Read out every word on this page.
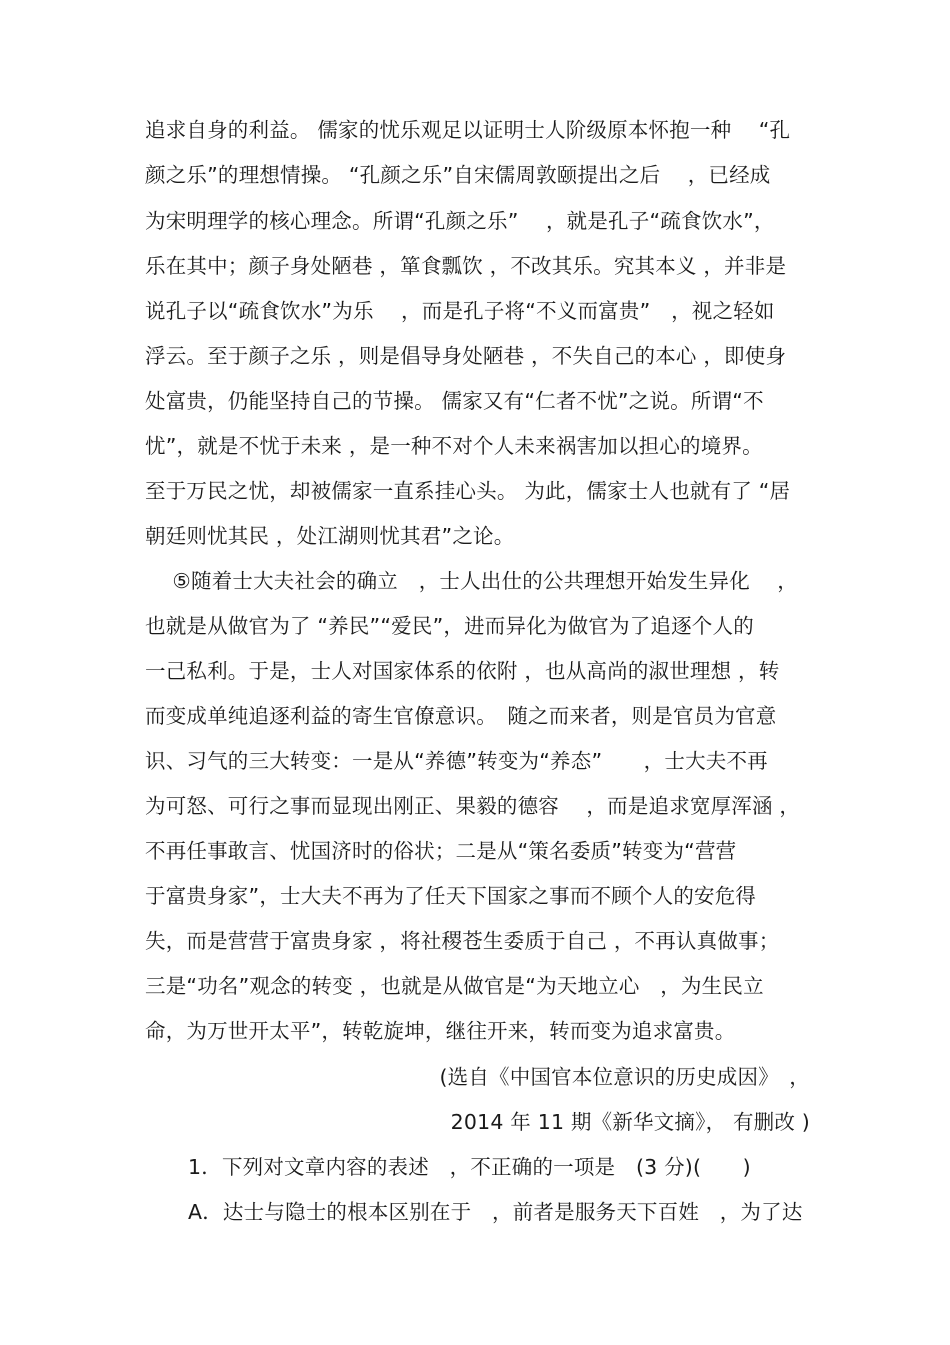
追求自身的利益。 儒家的忧乐观足以证明士人阶级原本怀抱一种　 “孔
颜之乐”的理想情操。 “孔颜之乐”自宋儒周敦颐提出之后　 ，已经成
为宋明理学的核心理念。所谓“孔颜之乐”　 ，就是孔子“疏食饮水”，
乐在其中；颜子身处陋巷 ，箪食瓢饮 ，不改其乐。究其本义 ，并非是
说孔子以“疏食饮水”为乐　 ，而是孔子将“不义而富贵”　，视之轻如
浮云。至于颜子之乐 ，则是倡导身处陋巷 ，不失自己的本心 ，即使身
处富贵，仍能坚持自己的节操。 儒家又有“仁者不忧”之说。所谓“不
忧”，就是不忧于未来 ，是一种不对个人未来祸害加以担心的境界。
至于万民之忧，却被儒家一直系挂心头。 为此，儒家士人也就有了 “居
朝廷则忧其民 ，处江湖则忧其君”之论。
　 ⑤随着士大夫社会的确立　，士人出仕的公共理想开始发生异化　 ，
也就是从做官为了 “养民”“爱民”，进而异化为做官为了追逐个人的
一己私利。于是，士人对国家体系的依附 ，也从高尚的淑世理想 ，转
而变成单纯追逐利益的寄生官僚意识。　随之而来者，则是官员为官意
识、习气的三大转变：一是从“养德”转变为“养态”　　，士大夫不再
为可怒、可行之事而显现出刚正、果毅的德容　 ，而是追求宽厚浑涵 ，
不再任事敢言、忧国济时的俗状；二是从“策名委质”转变为“营营
于富贵身家”，士大夫不再为了任天下国家之事而不顾个人的安危得
失，而是营营于富贵身家 ，将社稷苍生委质于自己 ，不再认真做事；
三是“功名”观念的转变 ，也就是从做官是“为天地立心　，为生民立
命，为万世开太平”，转乾旋坤，继往开来，转而变为追求富贵。
(选自《中国官本位意识的历史成因》　，
2014 年 11 期《新华文摘》， 有删改 )
1．下列对文章内容的表述　，不正确的一项是　(3 分)(　　)
A．达士与隐士的根本区别在于　，前者是服务天下百姓　，为了达
